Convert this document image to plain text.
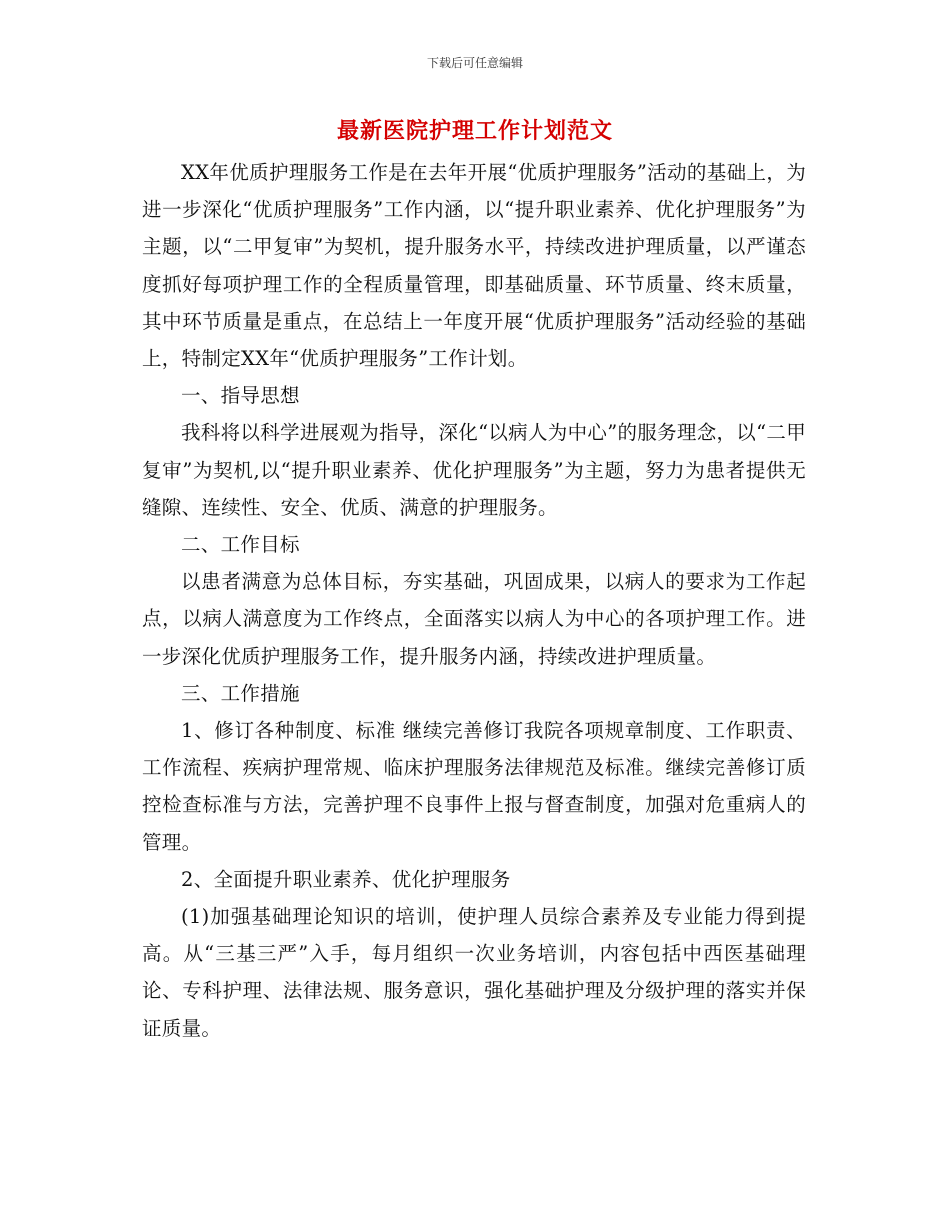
下载后可任意编辑
最新医院护理工作计划范文

XX年优质护理服务工作是在去年开展“优质护理服务”活动的基础上，为进一步深化“优质护理服务”工作内涵，以“提升职业素养、优化护理服务”为主题，以“二甲复审”为契机，提升服务水平，持续改进护理质量，以严谨态度抓好每项护理工作的全程质量管理，即基础质量、环节质量、终末质量，其中环节质量是重点，在总结上一年度开展“优质护理服务”活动经验的基础上，特制定XX年“优质护理服务”工作计划。

一、指导思想

我科将以科学进展观为指导，深化“以病人为中心”的服务理念，以“二甲复审”为契机,以“提升职业素养、优化护理服务”为主题，努力为患者提供无缝隙、连续性、安全、优质、满意的护理服务。

二、工作目标

以患者满意为总体目标，夯实基础，巩固成果，以病人的要求为工作起点，以病人满意度为工作终点，全面落实以病人为中心的各项护理工作。进一步深化优质护理服务工作，提升服务内涵，持续改进护理质量。

三、工作措施

1、修订各种制度、标准 继续完善修订我院各项规章制度、工作职责、工作流程、疾病护理常规、临床护理服务法律规范及标准。继续完善修订质控检查标准与方法，完善护理不良事件上报与督查制度，加强对危重病人的管理。

2、全面提升职业素养、优化护理服务

(1)加强基础理论知识的培训，使护理人员综合素养及专业能力得到提高。从“三基三严”入手，每月组织一次业务培训，内容包括中西医基础理论、专科护理、法律法规、服务意识，强化基础护理及分级护理的落实并保证质量。
